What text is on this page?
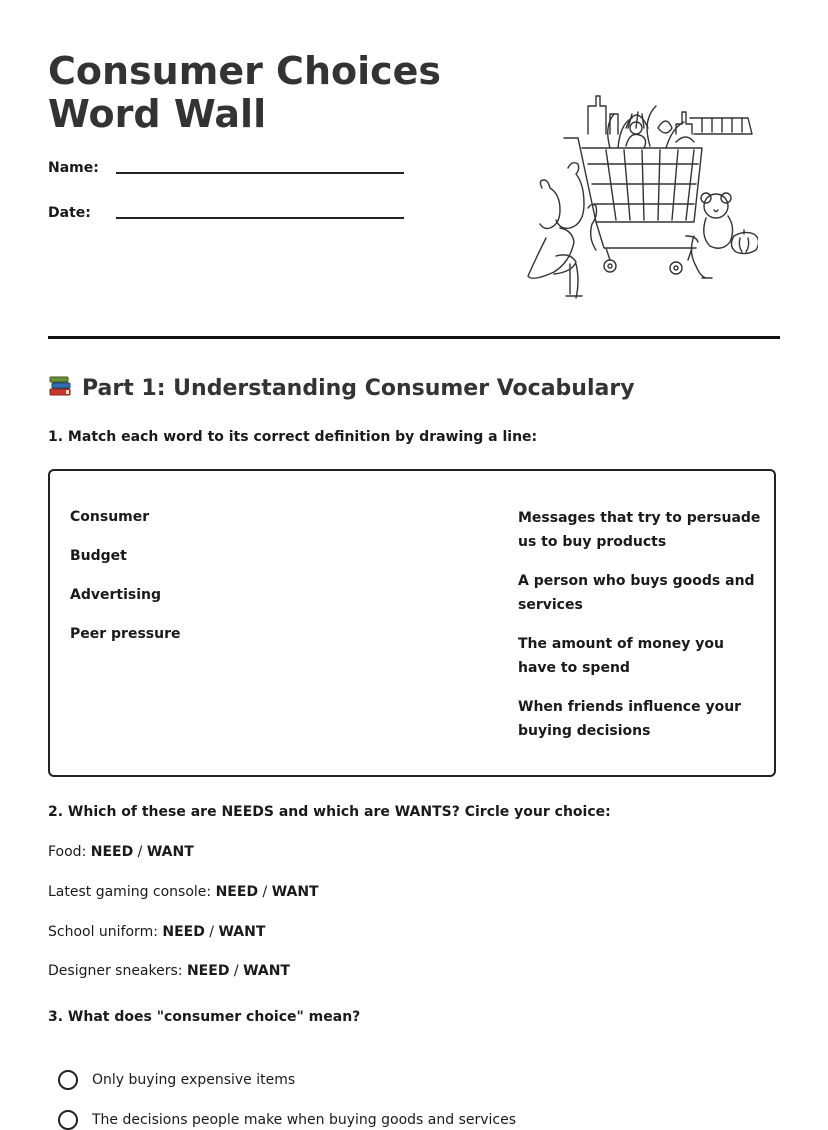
Consumer Choices Word Wall
Name:
Date:
Part 1: Understanding Consumer Vocabulary
1. Match each word to its correct definition by drawing a line:
Consumer
Budget
Advertising
Peer pressure
Messages that try to persuade us to buy products
A person who buys goods and services
The amount of money you have to spend
When friends influence your buying decisions
2. Which of these are NEEDS and which are WANTS? Circle your choice:
Food: NEED / WANT
Latest gaming console: NEED / WANT
School uniform: NEED / WANT
Designer sneakers: NEED / WANT
3. What does "consumer choice" mean?
Only buying expensive items
The decisions people make when buying goods and services
